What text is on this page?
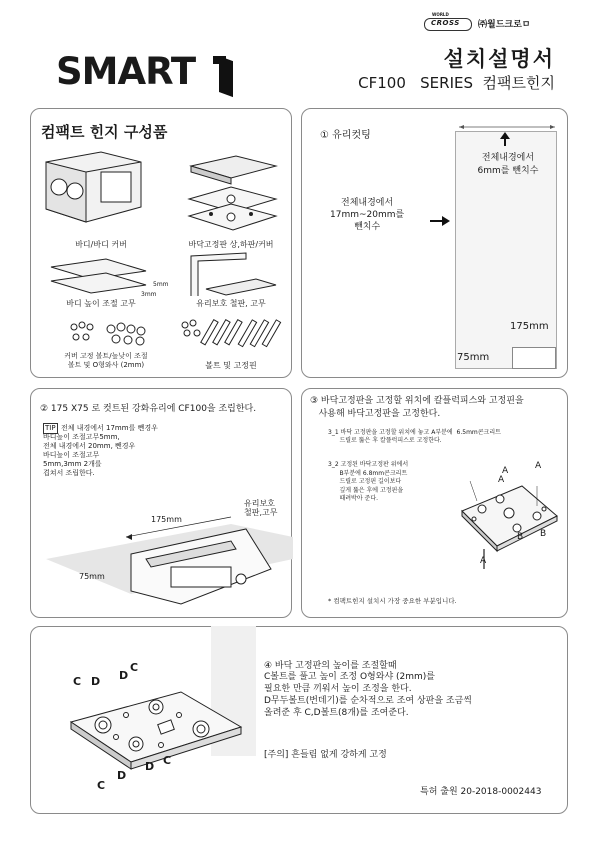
WORLD
CROSS ㈜월드크로ㅁ
SMART	설치설명서
CF100   SERIES  컴팩트힌지
컴팩트 힌지 구성품
바디/바디 커버	바닥고정판 상,하판/커버
5mm
3mm
바디 높이 조절 고무	유리보호 철판, 고무
커버 고정 볼트/높낮이 조절
볼트 및 O형와사 (2mm)	볼트 및 고정핀
① 유리컷팅
전체내경에서
17mm~20mm를
뺀치수
전체내경에서
6mm를 뺀치수
175mm
75mm
② 175 X75 로 컷트된 강화유리에 CF100을 조립한다.
TIP 전체 내경에서 17mm를 뺀경우
바디높이 조절고무5mm,
전체 내경에서 20mm, 뺀경우
바디높이 조절고무
5mm,3mm 2개를
겹쳐서 조립한다.
175mm
75mm
유리보호
철판,고무
③ 바닥고정판을 고정할 위치에 칼플럭피스와 고정핀을
사용해 바닥고정판을 고정한다.
3_1 바닥 고정판을 고정할 위치에 놓고 A부분에  6.5mm콘크리트
드릴로 뚫은 후 칼플럭피스로 고정한다.
3_2 고정된 바닥고정판 위에서
B부분에 6.8mm콘크리트
드릴로 고정핀 길이보다
깊게 뚫은 후에 고정핀을
때려박아 준다.
A
A
A
A
B B
* 컴팩트힌지 설치시 가장 중요한 부분입니다.
C D D
C
C
D
D C
④ 바닥 고정판의 높이를 조절할때
C볼트를 풀고 높이 조정 O형와샤 (2mm)를
필요한 만큼 끼워서 높이 조정을 한다.
D무두볼트(번데기)를 순차적으로 조여 상판을 조금씩
올려준 후 C,D볼트(8개)를 조여준다.
[주의] 흔들림 없게 강하게 고정
특허 출원 20-2018-0002443
